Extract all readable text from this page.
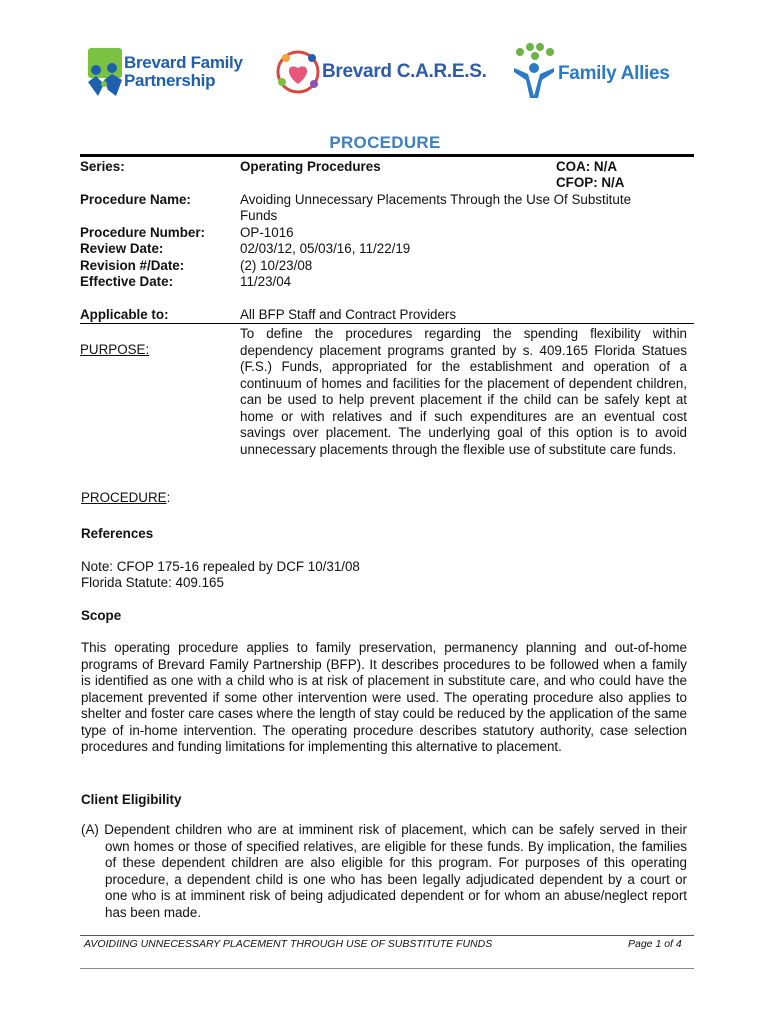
Brevard Family
Partnership	Brevard C.A.R.E.S.	Family Allies
PROCEDURE
Series:	Operating Procedures	COA: N/A
CFOP: N/A
Procedure Name:	Avoiding Unnecessary Placements Through the Use Of Substitute
Funds
Procedure Number:	OP-1016
Review Date:	02/03/12, 05/03/16, 11/22/19
Revision #/Date:	(2) 10/23/08
Effective Date:	11/23/04
Applicable to:	All BFP Staff and Contract Providers
PURPOSE:
To define the procedures regarding the spending flexibility within dependency placement programs granted by s. 409.165 Florida Statues (F.S.) Funds, appropriated for the establishment and operation of a continuum of homes and facilities for the placement of dependent children, can be used to help prevent placement if the child can be safely kept at home or with relatives and if such expenditures are an eventual cost savings over placement. The underlying goal of this option is to avoid unnecessary placements through the flexible use of substitute care funds.
PROCEDURE:
References
Note: CFOP 175-16 repealed by DCF 10/31/08
Florida Statute: 409.165
Scope
This operating procedure applies to family preservation, permanency planning and out-of-home programs of Brevard Family Partnership (BFP). It describes procedures to be followed when a family is identified as one with a child who is at risk of placement in substitute care, and who could have the placement prevented if some other intervention were used. The operating procedure also applies to shelter and foster care cases where the length of stay could be reduced by the application of the same type of in-home intervention. The operating procedure describes statutory authority, case selection procedures and funding limitations for implementing this alternative to placement.
Client Eligibility
(A) Dependent children who are at imminent risk of placement, which can be safely served in their own homes or those of specified relatives, are eligible for these funds. By implication, the families of these dependent children are also eligible for this program. For purposes of this operating procedure, a dependent child is one who has been legally adjudicated dependent by a court or one who is at imminent risk of being adjudicated dependent or for whom an abuse/neglect report has been made.
AVOIDIING UNNECESSARY PLACEMENT THROUGH USE OF SUBSTITUTE FUNDS	Page 1 of 4
